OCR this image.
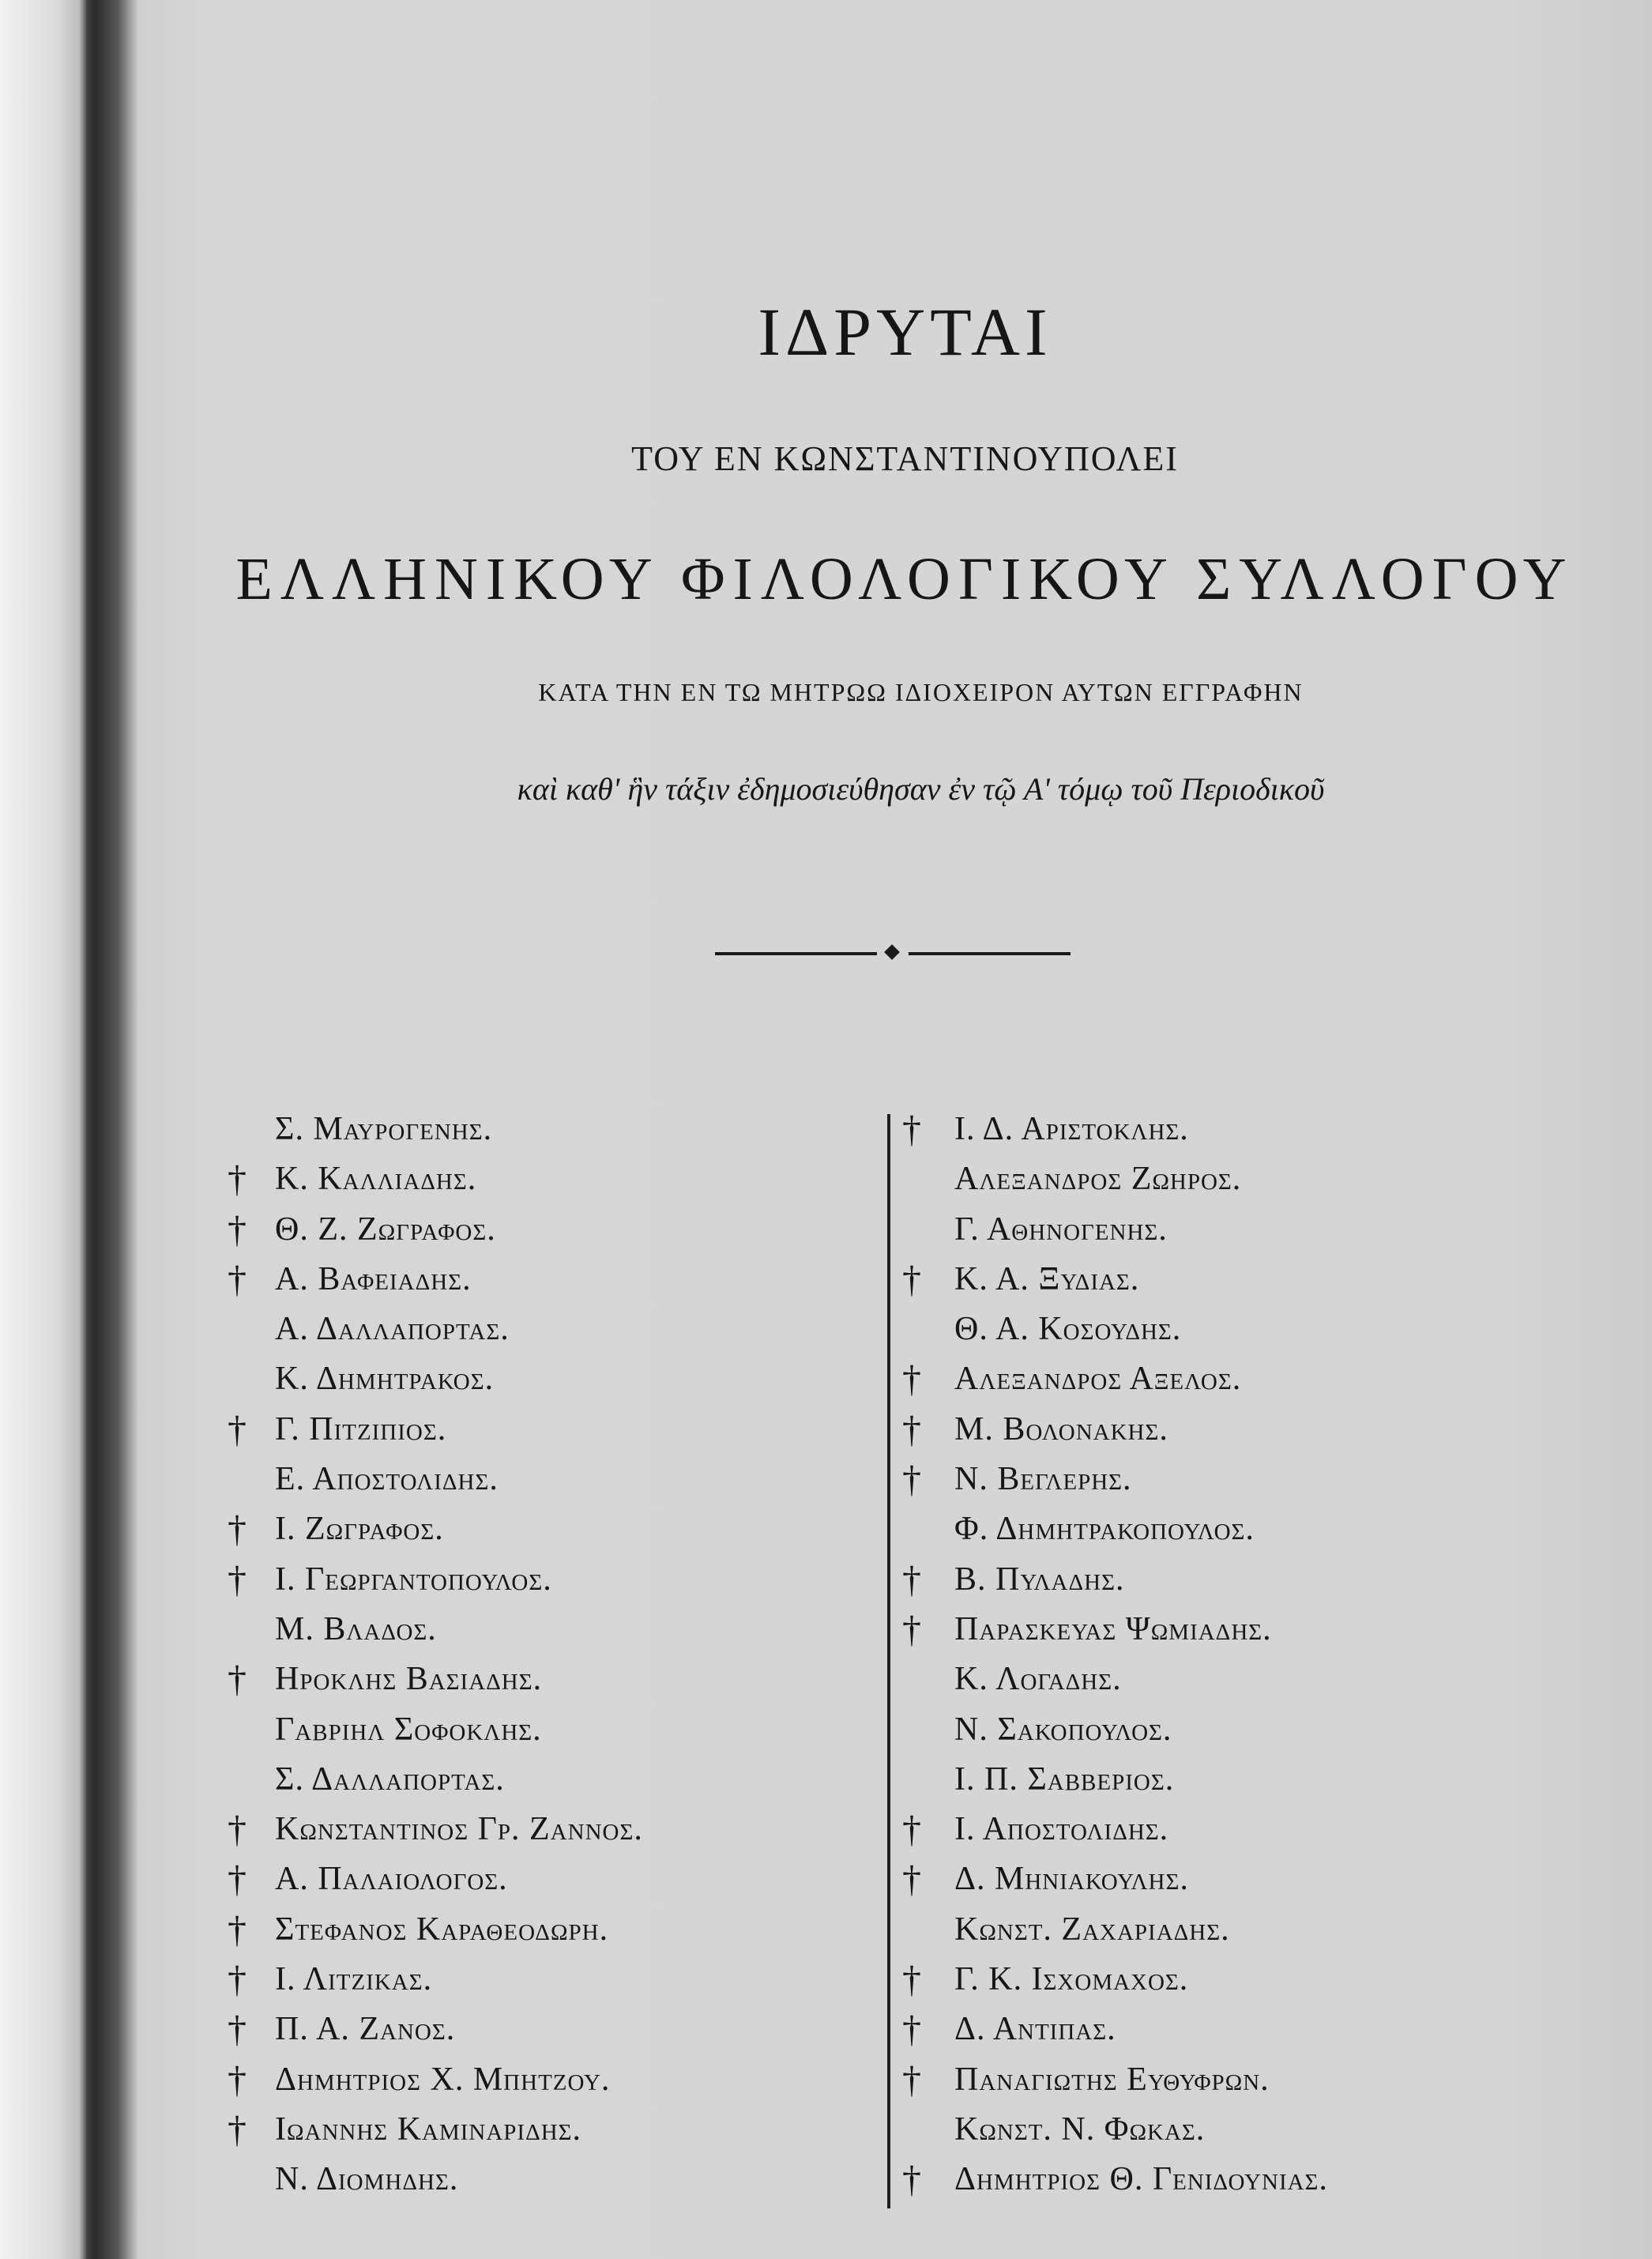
ΙΔΡΥΤΑΙ
ΤΟΥ ΕΝ ΚΩΝΣΤΑΝΤΙΝΟΥΠΟΛΕΙ
ΕΛΛΗΝΙΚΟΥ ΦΙΛΟΛΟΓΙΚΟΥ ΣΥΛΛΟΓΟΥ
ΚΑΤΑ ΤΗΝ ΕΝ ΤΩ ΜΗΤΡΩΩ ΙΔΙΟΧΕΙΡΟΝ ΑΥΤΩΝ ΕΓΓΡΑΦΗΝ
καὶ καθ' ἣν τάξιν ἐδημοσιεύθησαν ἐν τῷ Α' τόμῳ τοῦ Περιοδικοῦ
Σ. Μαυρογενης.
† Κ. Καλλιαδης.
† Θ. Ζ. Ζωγραφος.
† Α. Βαφειαδης.
Α. Δαλλαπορτας.
Κ. Δημητρακος.
† Γ. Πιτζιπιος.
Ε. Αποστολιδης.
† Ι. Ζωγραφος.
† Ι. Γεωργαντοπουλος.
Μ. Βλαδος.
† Ηροκλης Βασιαδης.
Γαβριηλ Σοφοκλης.
Σ. Δαλλαπορτας.
† Κωνσταντινος Γρ. Ζαννος.
† Α. Παλαιολογος.
† Στεφανος Καραθεοδωρη.
† Ι. Λιτζικας.
† Π. Α. Ζανος.
† Δημητριος Χ. Μπητζου.
† Ιωαννης Καμιναριδης.
Ν. Διομηδης.
† Ι. Δ. Αριστοκλης.
Αλεξανδρος Ζωηρος.
Γ. Αθηνογενης.
† Κ. Α. Ξυδιας.
Θ. Α. Κοσουδης.
† Αλεξανδρος Αξελος.
† Μ. Βολονακης.
† Ν. Βεγλερης.
Φ. Δημητρακοπουλος.
† Β. Πυλαδης.
† Παρασκευας Ψωμιαδης.
Κ. Λογαδης.
Ν. Σακοπουλος.
Ι. Π. Σαββεριος.
† Ι. Αποστολιδης.
† Δ. Μηνιακουλης.
Κωνστ. Ζαχαριαδης.
† Γ. Κ. Ισχομαχος.
† Δ. Αντιπας.
† Παναγιωτης Ευθυφρων.
Κωνστ. Ν. Φωκας.
† Δημητριος Θ. Γενιδουνιας.
